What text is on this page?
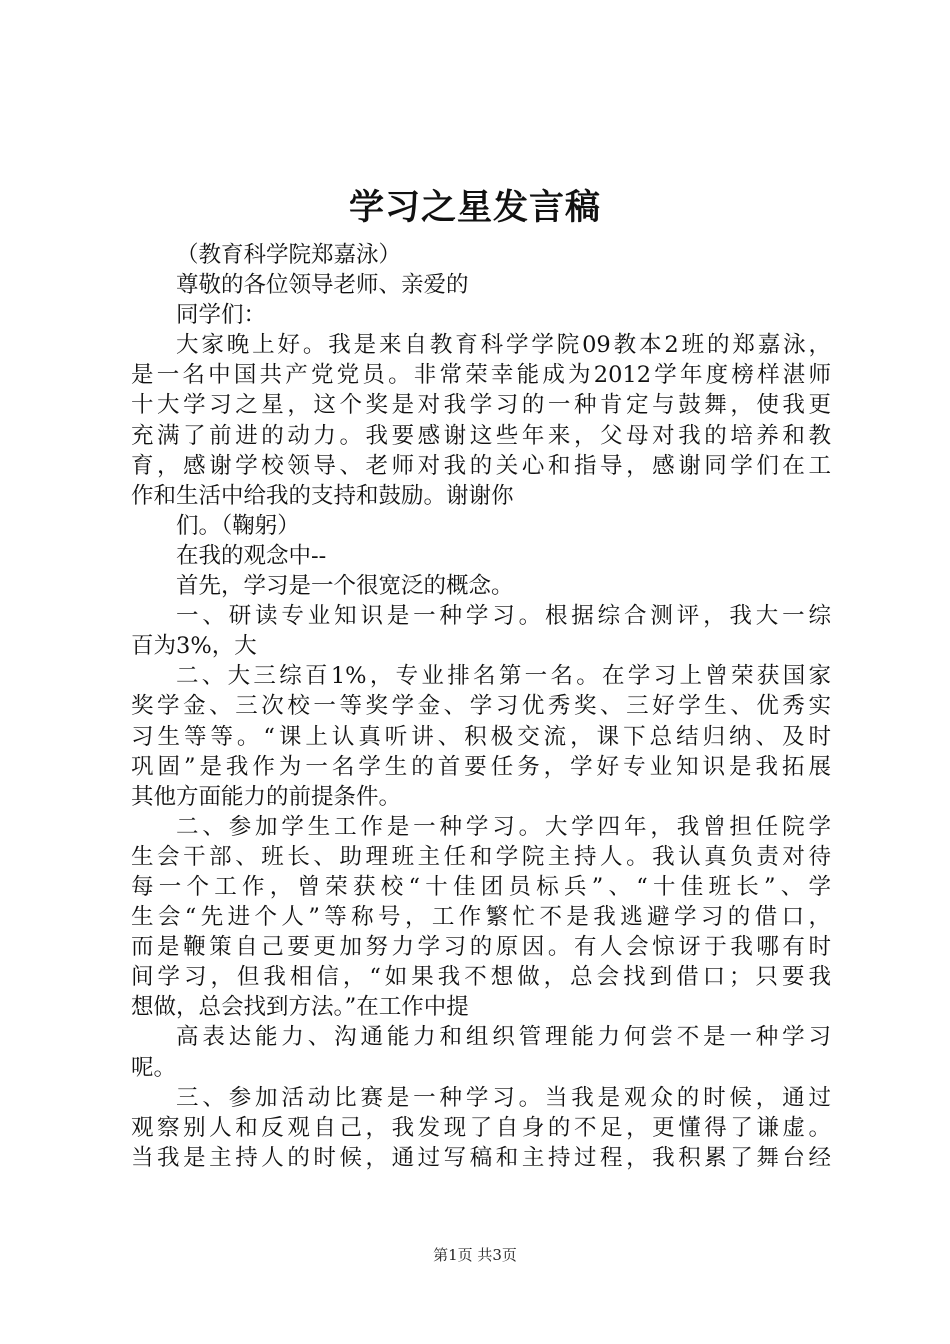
学习之星发言稿
（教育科学院郑嘉泳）
尊敬的各位领导老师、亲爱的
同学们：
大家晚上好。我是来自教育科学学院09教本2班的郑嘉泳，
是一名中国共产党党员。非常荣幸能成为2012学年度榜样湛师
十大学习之星，这个奖是对我学习的一种肯定与鼓舞，使我更
充满了前进的动力。我要感谢这些年来，父母对我的培养和教
育，感谢学校领导、老师对我的关心和指导，感谢同学们在工
作和生活中给我的支持和鼓励。谢谢你
们。（鞠躬）
在我的观念中--
首先，学习是一个很宽泛的概念。
一、研读专业知识是一种学习。根据综合测评，我大一综
百为3%，大
二、大三综百1%，专业排名第一名。在学习上曾荣获国家
奖学金、三次校一等奖学金、学习优秀奖、三好学生、优秀实
习生等等。“课上认真听讲、积极交流，课下总结归纳、及时
巩固”是我作为一名学生的首要任务，学好专业知识是我拓展
其他方面能力的前提条件。
二、参加学生工作是一种学习。大学四年，我曾担任院学
生会干部、班长、助理班主任和学院主持人。我认真负责对待
每一个工作，曾荣获校“十佳团员标兵”、“十佳班长”、学
生会“先进个人”等称号，工作繁忙不是我逃避学习的借口，
而是鞭策自己要更加努力学习的原因。有人会惊讶于我哪有时
间学习，但我相信，“如果我不想做，总会找到借口；只要我
想做，总会找到方法。”在工作中提
高表达能力、沟通能力和组织管理能力何尝不是一种学习
呢。
三、参加活动比赛是一种学习。当我是观众的时候，通过
观察别人和反观自己，我发现了自身的不足，更懂得了谦虚。
当我是主持人的时候，通过写稿和主持过程，我积累了舞台经
第1页 共3页
